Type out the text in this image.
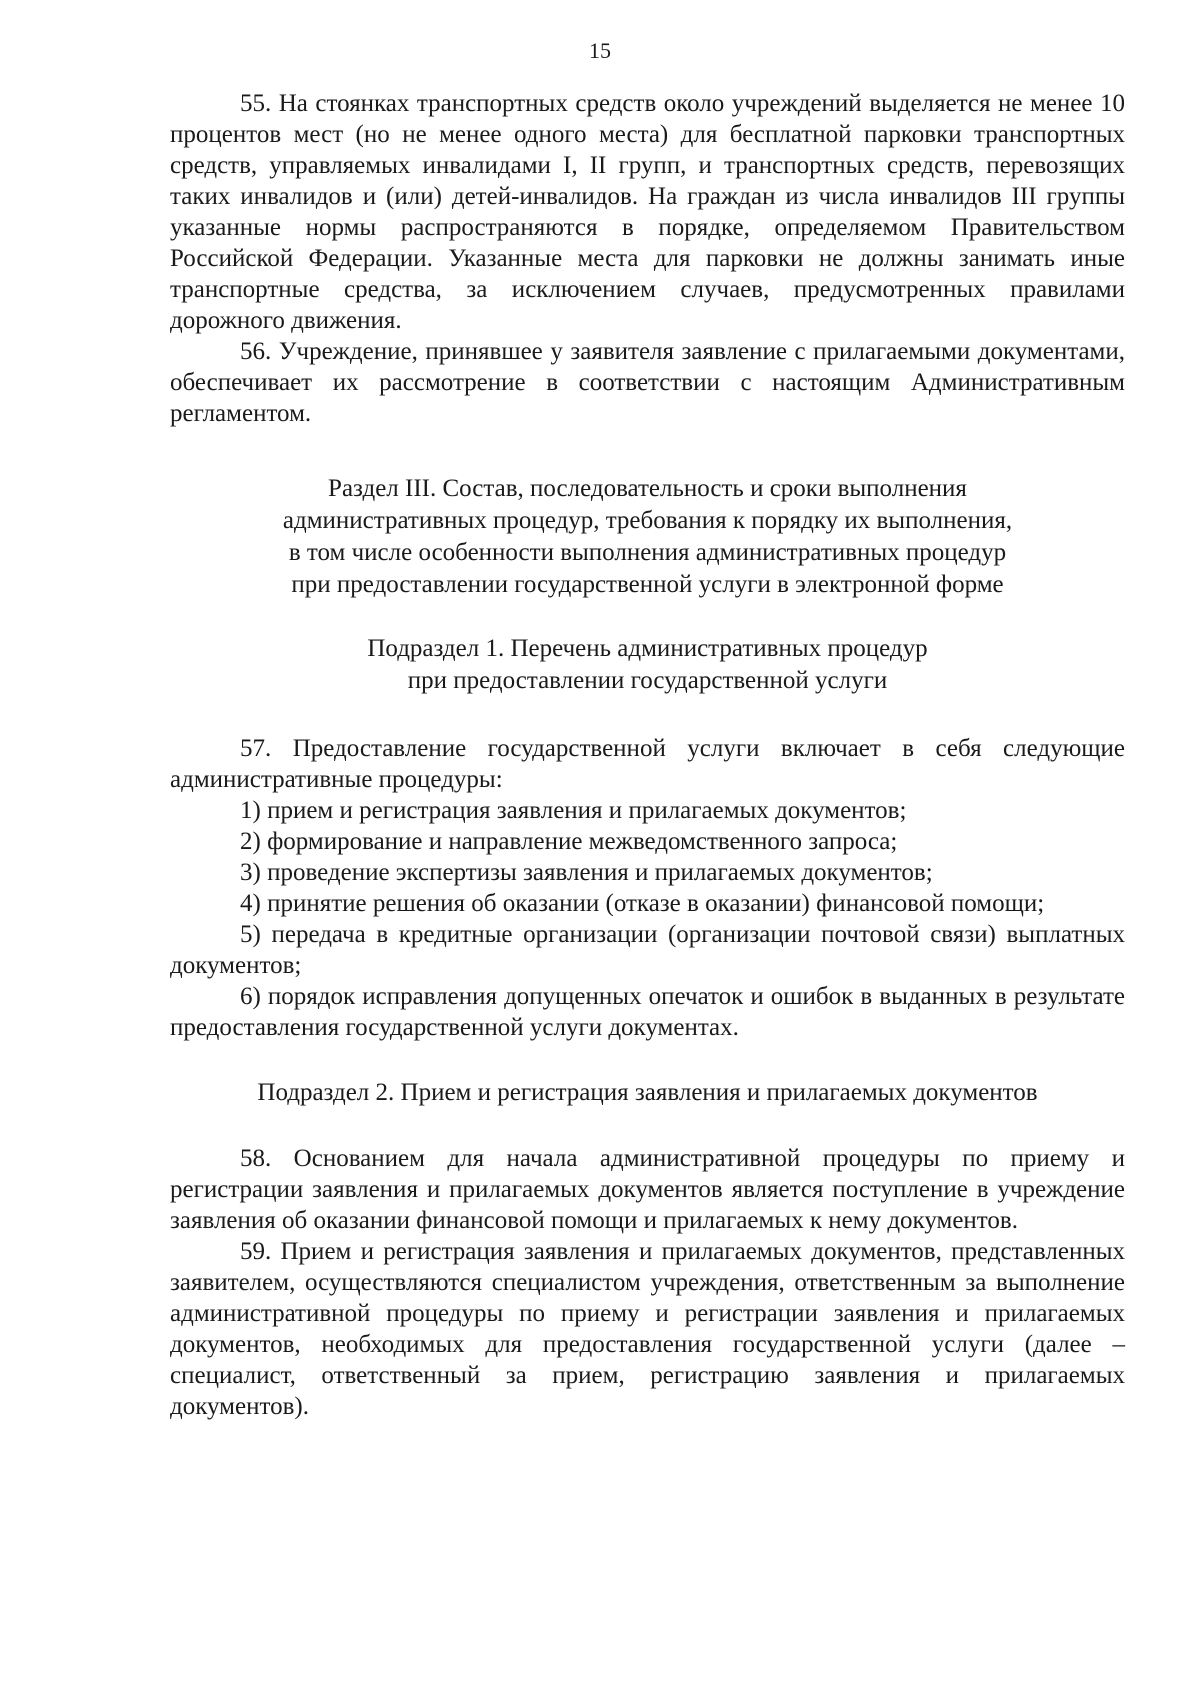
15

55. На стоянках транспортных средств около учреждений выделяется не менее 10 процентов мест (но не менее одного места) для бесплатной парковки транспортных средств, управляемых инвалидами I, II групп, и транспортных средств, перевозящих таких инвалидов и (или) детей-инвалидов. На граждан из числа инвалидов III группы указанные нормы распространяются в порядке, определяемом Правительством Российской Федерации. Указанные места для парковки не должны занимать иные транспортные средства, за исключением случаев, предусмотренных правилами дорожного движения.

56. Учреждение, принявшее у заявителя заявление с прилагаемыми документами, обеспечивает их рассмотрение в соответствии с настоящим Административным регламентом.

Раздел III. Состав, последовательность и сроки выполнения

административных процедур, требования к порядку их выполнения,

в том числе особенности выполнения административных процедур

при предоставлении государственной услуги в электронной форме

Подраздел 1. Перечень административных процедур

при предоставлении государственной услуги

57. Предоставление государственной услуги включает в себя следующие административные процедуры:

1) прием и регистрация заявления и прилагаемых документов;

2) формирование и направление межведомственного запроса;

3) проведение экспертизы заявления и прилагаемых документов;

4) принятие решения об оказании (отказе в оказании) финансовой помощи;

5) передача в кредитные организации (организации почтовой связи) выплатных документов;

6) порядок исправления допущенных опечаток и ошибок в выданных в результате предоставления государственной услуги документах.

Подраздел 2. Прием и регистрация заявления и прилагаемых документов

58. Основанием для начала административной процедуры по приему и регистрации заявления и прилагаемых документов является поступление в учреждение заявления об оказании финансовой помощи и прилагаемых к нему документов.

59. Прием и регистрация заявления и прилагаемых документов, представленных заявителем, осуществляются специалистом учреждения, ответственным за выполнение административной процедуры по приему и регистрации заявления и прилагаемых документов, необходимых для предоставления государственной услуги (далее – специалист, ответственный за прием, регистрацию заявления и прилагаемых документов).
